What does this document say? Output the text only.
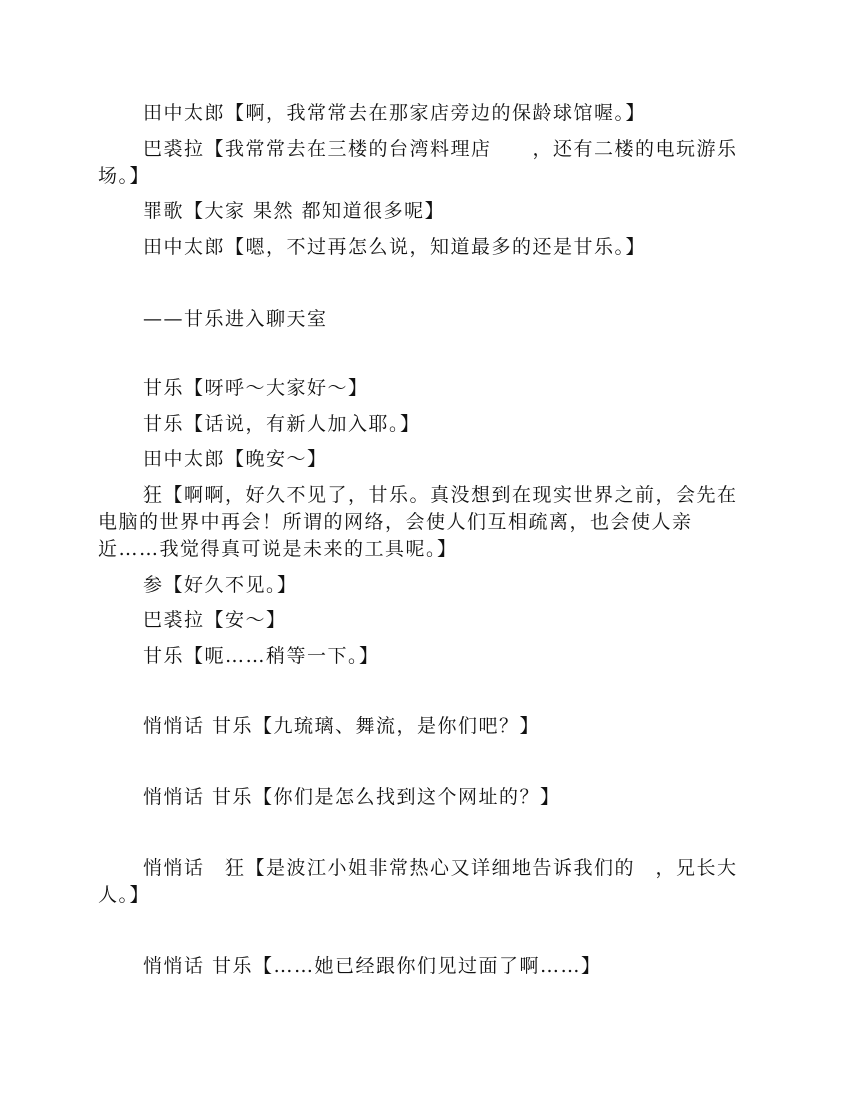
田中太郎【啊，我常常去在那家店旁边的保龄球馆喔。】

巴裘拉【我常常去在三楼的台湾料理店　　，还有二楼的电玩游乐场。】

罪歌【大家 果然 都知道很多呢】

田中太郎【嗯，不过再怎么说，知道最多的还是甘乐。】

——甘乐进入聊天室

甘乐【呀呼～大家好～】

甘乐【话说，有新人加入耶。】

田中太郎【晚安～】

狂【啊啊，好久不见了，甘乐。真没想到在现实世界之前，会先在电脑的世界中再会！所谓的网络，会使人们互相疏离，也会使人亲近……我觉得真可说是未来的工具呢。】

参【好久不见。】

巴裘拉【安～】

甘乐【呃……稍等一下。】

悄悄话 甘乐【九琉璃、舞流，是你们吧？】

悄悄话 甘乐【你们是怎么找到这个网址的？】

悄悄话　狂【是波江小姐非常热心又详细地告诉我们的　，兄长大人。】

悄悄话 甘乐【……她已经跟你们见过面了啊……】
